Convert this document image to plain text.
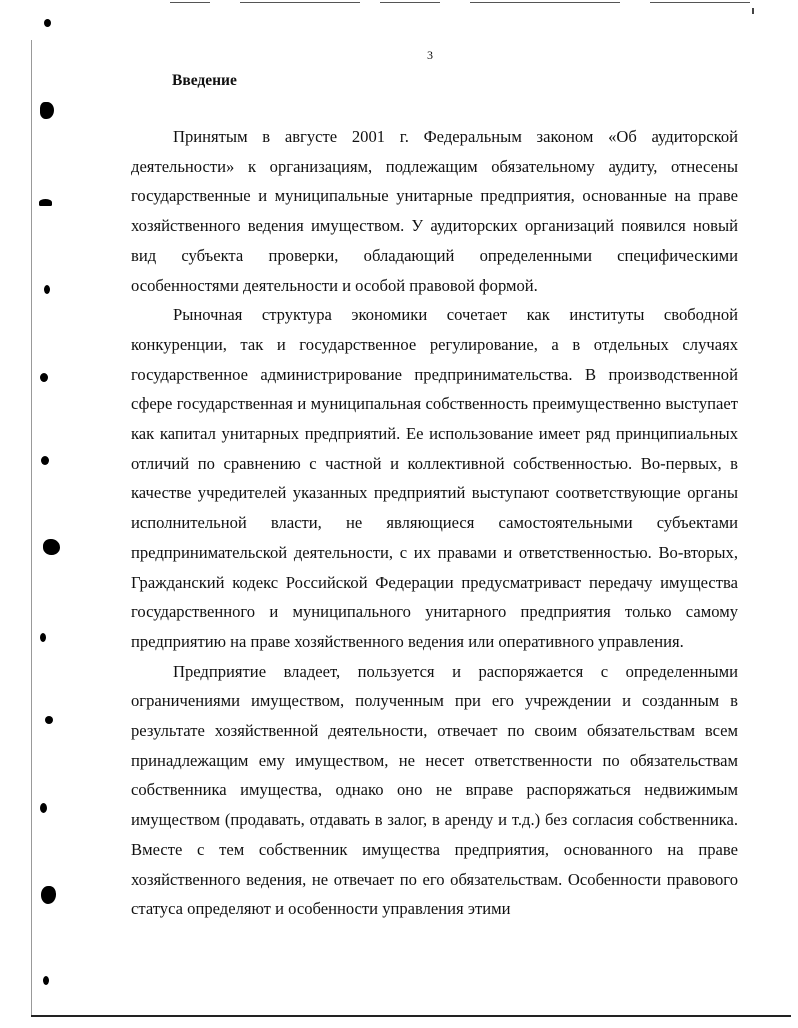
3
Введение

Принятым в августе 2001 г. Федеральным законом «Об аудиторской деятельности» к организациям, подлежащим обязательному аудиту, отнесены государственные и муниципальные унитарные предприятия, основанные на праве хозяйственного ведения имуществом. У аудиторских организаций появился новый вид субъекта проверки, обладающий определенными специфическими особенностями деятельности и особой правовой формой.

Рыночная структура экономики сочетает как институты свободной конкуренции, так и государственное регулирование, а в отдельных случаях государственное администрирование предпринимательства. В производственной сфере государственная и муниципальная собственность преимущественно выступает как капитал унитарных предприятий. Ее использование имеет ряд принципиальных отличий по сравнению с частной и коллективной собственностью. Во-первых, в качестве учредителей указанных предприятий выступают соответствующие органы исполнительной власти, не являющиеся самостоятельными субъектами предпринимательской деятельности, с их правами и ответственностью. Во-вторых, Гражданский кодекс Российской Федерации предусматриваст передачу имущества государственного и муниципального унитарного предприятия только самому предприятию на праве хозяйственного ведения или оперативного управления.

Предприятие владеет, пользуется и распоряжается с определенными ограничениями имуществом, полученным при его учреждении и созданным в результате хозяйственной деятельности, отвечает по своим обязательствам всем принадлежащим ему имуществом, не несет ответственности по обязательствам собственника имущества, однако оно не вправе распоряжаться недвижимым имуществом (продавать, отдавать в залог, в аренду и т.д.) без согласия собственника. Вместе с тем собственник имущества предприятия, основанного на праве хозяйственного ведения, не отвечает по его обязательствам. Особенности правового статуса определяют и особенности управления этими
